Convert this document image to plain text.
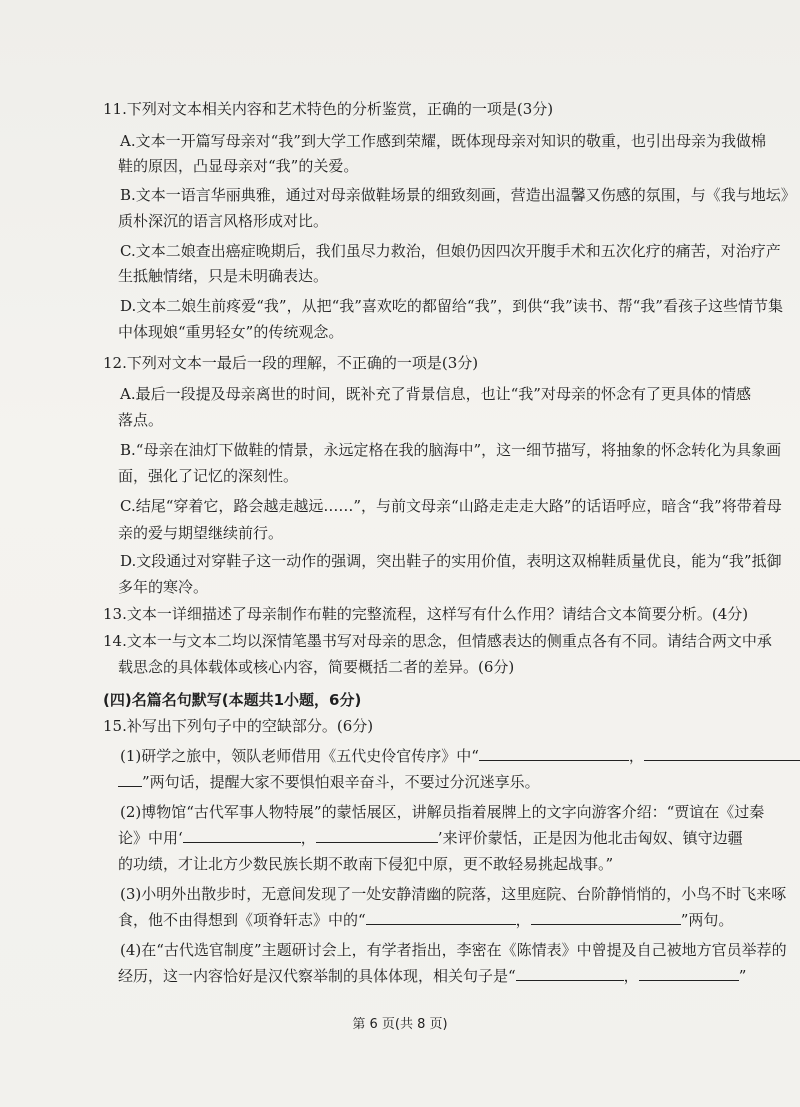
11.下列对文本相关内容和艺术特色的分析鉴赏，正确的一项是(3分)
A.文本一开篇写母亲对“我”到大学工作感到荣耀，既体现母亲对知识的敬重，也引出母亲为我做棉
鞋的原因，凸显母亲对“我”的关爱。
B.文本一语言华丽典雅，通过对母亲做鞋场景的细致刻画，营造出温馨又伤感的氛围，与《我与地坛》
质朴深沉的语言风格形成对比。
C.文本二娘查出癌症晚期后，我们虽尽力救治，但娘仍因四次开腹手术和五次化疗的痛苦，对治疗产
生抵触情绪，只是未明确表达。
D.文本二娘生前疼爱“我”，从把“我”喜欢吃的都留给“我”，到供“我”读书、帮“我”看孩子这些情节集
中体现娘“重男轻女”的传统观念。
12.下列对文本一最后一段的理解，不正确的一项是(3分)
A.最后一段提及母亲离世的时间，既补充了背景信息，也让“我”对母亲的怀念有了更具体的情感
落点。
B.“母亲在油灯下做鞋的情景，永远定格在我的脑海中”，这一细节描写，将抽象的怀念转化为具象画
面，强化了记忆的深刻性。
C.结尾“穿着它，路会越走越远……”，与前文母亲“山路走走走大路”的话语呼应，暗含“我”将带着母
亲的爱与期望继续前行。
D.文段通过对穿鞋子这一动作的强调，突出鞋子的实用价值，表明这双棉鞋质量优良，能为“我”抵御
多年的寒冷。
13.文本一详细描述了母亲制作布鞋的完整流程，这样写有什么作用？请结合文本简要分析。(4分)
14.文本一与文本二均以深情笔墨书写对母亲的思念，但情感表达的侧重点各有不同。请结合两文中承
载思念的具体载体或核心内容，简要概括二者的差异。(6分)
(四)名篇名句默写(本题共1小题，6分)
15.补写出下列句子中的空缺部分。(6分)
(1)研学之旅中，领队老师借用《五代史伶官传序》中“	，
”两句话，提醒大家不要惧怕艰辛奋斗，不要过分沉迷享乐。
(2)博物馆“古代军事人物特展”的蒙恬展区，讲解员指着展牌上的文字向游客介绍：“贾谊在《过秦
论》中用‘	，	’来评价蒙恬，正是因为他北击匈奴、镇守边疆
的功绩，才让北方少数民族长期不敢南下侵犯中原，更不敢轻易挑起战事。”
(3)小明外出散步时，无意间发现了一处安静清幽的院落，这里庭院、台阶静悄悄的，小鸟不时飞来啄
食，他不由得想到《项脊轩志》中的“	，	”两句。
(4)在“古代选官制度”主题研讨会上，有学者指出，李密在《陈情表》中曾提及自己被地方官员举荐的
经历，这一内容恰好是汉代察举制的具体体现，相关句子是“	，	”
第 6 页(共 8 页)
